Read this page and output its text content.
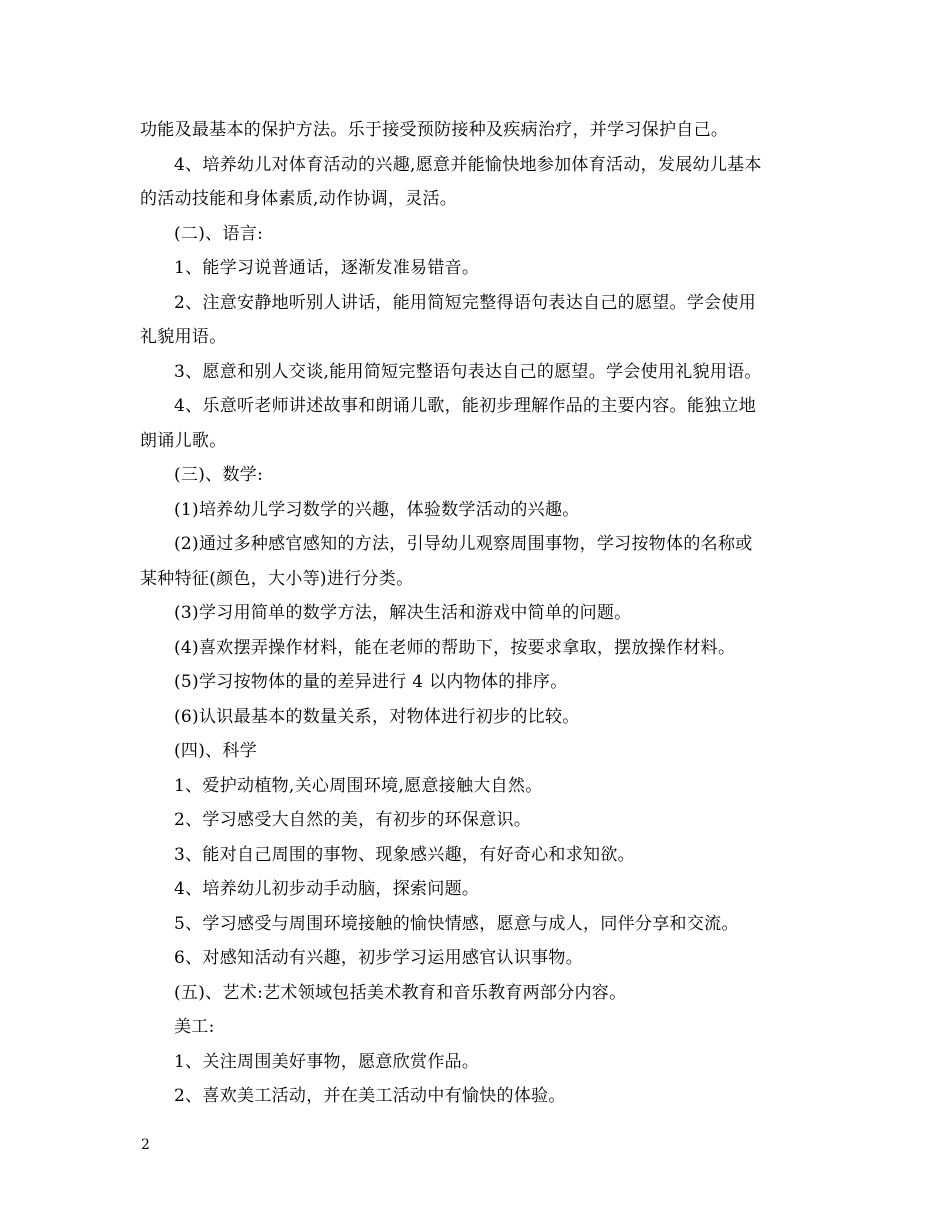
功能及最基本的保护方法。乐于接受预防接种及疾病治疗，并学习保护自己。
4、培养幼儿对体育活动的兴趣,愿意并能愉快地参加体育活动，发展幼儿基本
的活动技能和身体素质,动作协调，灵活。
(二)、语言:
1、能学习说普通话，逐渐发准易错音。
2、注意安静地听别人讲话，能用简短完整得语句表达自己的愿望。学会使用
礼貌用语。
3、愿意和别人交谈,能用简短完整语句表达自己的愿望。学会使用礼貌用语。
4、乐意听老师讲述故事和朗诵儿歌，能初步理解作品的主要内容。能独立地
朗诵儿歌。
(三)、数学:
(1)培养幼儿学习数学的兴趣，体验数学活动的兴趣。
(2)通过多种感官感知的方法，引导幼儿观察周围事物，学习按物体的名称或
某种特征(颜色，大小等)进行分类。
(3)学习用简单的数学方法，解决生活和游戏中简单的问题。
(4)喜欢摆弄操作材料，能在老师的帮助下，按要求拿取，摆放操作材料。
(5)学习按物体的量的差异进行 4 以内物体的排序。
(6)认识最基本的数量关系，对物体进行初步的比较。
(四)、科学
1、爱护动植物,关心周围环境,愿意接触大自然。
2、学习感受大自然的美，有初步的环保意识。
3、能对自己周围的事物、现象感兴趣，有好奇心和求知欲。
4、培养幼儿初步动手动脑，探索问题。
5、学习感受与周围环境接触的愉快情感，愿意与成人，同伴分享和交流。
6、对感知活动有兴趣，初步学习运用感官认识事物。
(五)、艺术:艺术领域包括美术教育和音乐教育两部分内容。
美工:
1、关注周围美好事物，愿意欣赏作品。
2、喜欢美工活动，并在美工活动中有愉快的体验。
2
